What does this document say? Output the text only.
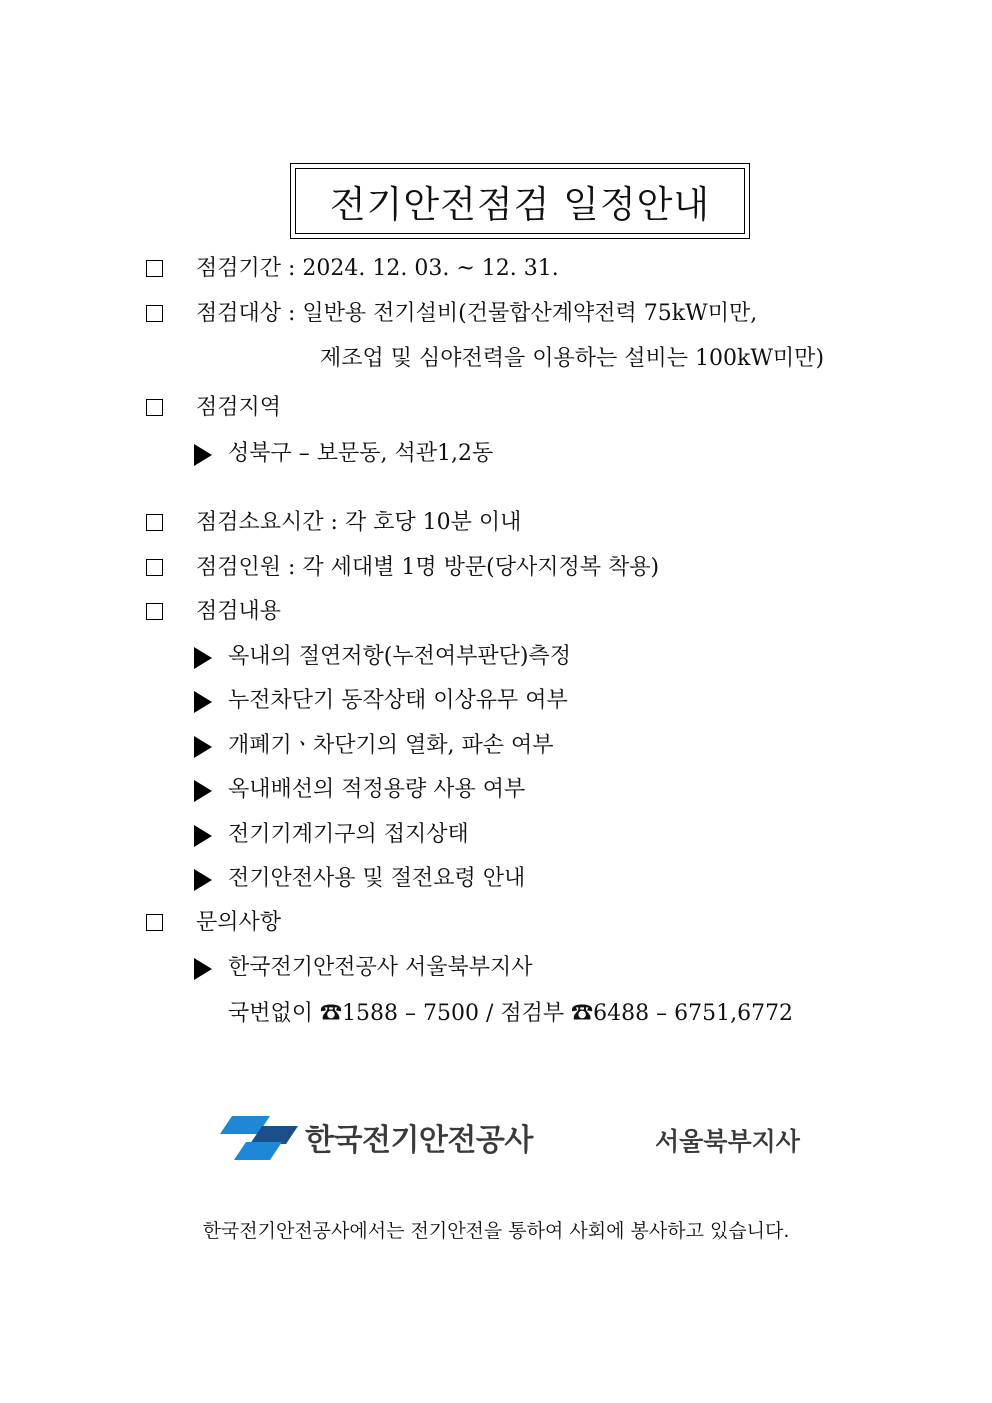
전기안전점검 일정안내
점검기간 : 2024. 12. 03. ~ 12. 31.
점검대상 : 일반용 전기설비(건물합산계약전력 75kW미만,
제조업 및 심야전력을 이용하는 설비는 100kW미만)
점검지역
성북구 – 보문동, 석관1,2동
점검소요시간 : 각 호당 10분 이내
점검인원 : 각 세대별 1명 방문(당사지정복 착용)
점검내용
옥내의 절연저항(누전여부판단)측정
누전차단기 동작상태 이상유무 여부
개폐기ㆍ차단기의 열화, 파손 여부
옥내배선의 적정용량 사용 여부
전기기계기구의 접지상태
전기안전사용 및 절전요령 안내
문의사항
한국전기안전공사 서울북부지사
국번없이 ☎1588 – 7500 / 점검부 ☎6488 – 6751,6772
한국전기안전공사	서울북부지사
한국전기안전공사에서는 전기안전을 통하여 사회에 봉사하고 있습니다.
